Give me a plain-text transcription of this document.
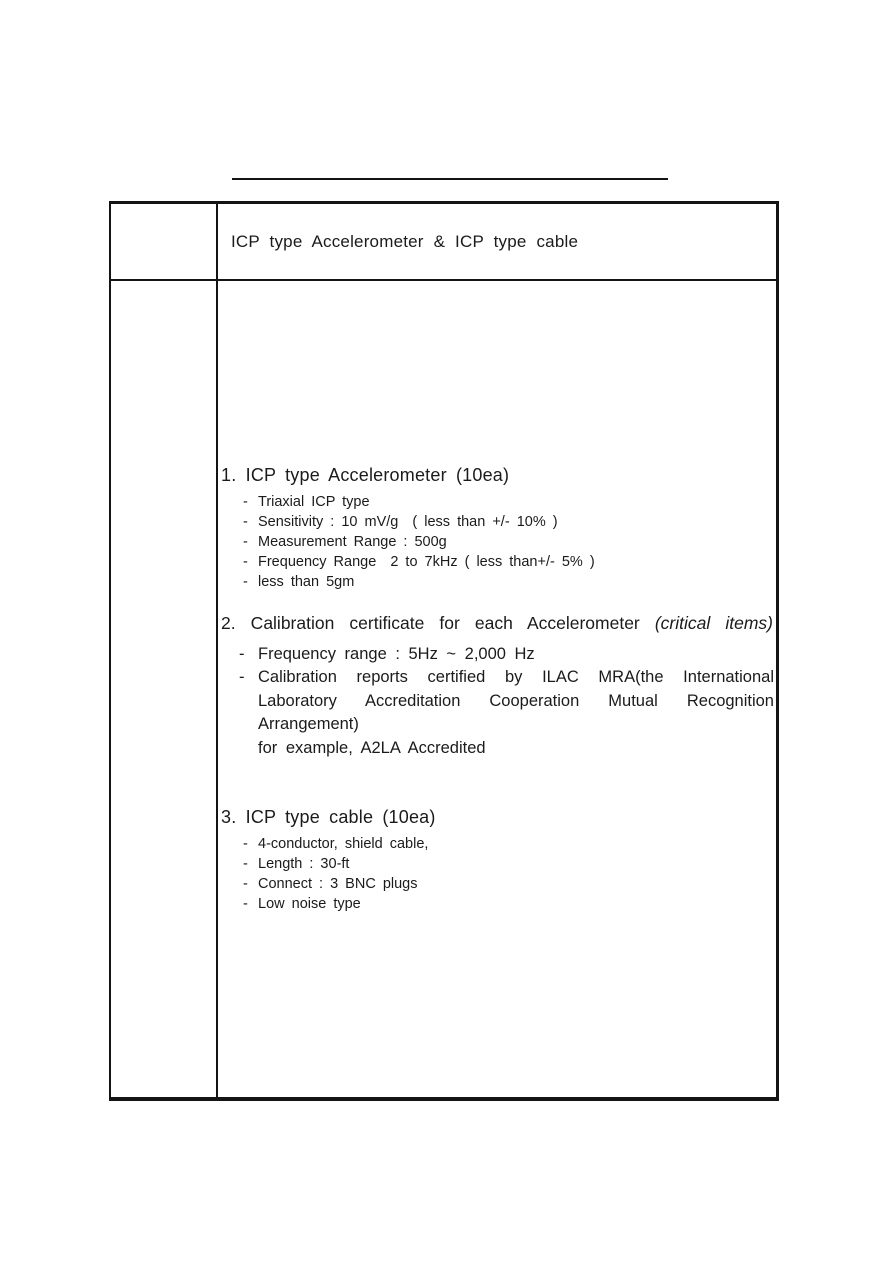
ICP type Accelerometer & ICP type cable
1. ICP type Accelerometer (10ea)
- Triaxial ICP type
- Sensitivity : 10 mV/g  ( less than +/- 10% )
- Measurement Range : 500g
- Frequency Range  2 to 7kHz ( less than+/- 5% )
- less than 5gm
2. Calibration certificate for each Accelerometer (critical items)
- Frequency range : 5Hz ~ 2,000 Hz
- Calibration reports certified by ILAC MRA(the International
Laboratory Accreditation Cooperation Mutual Recognition
Arrangement)
for example, A2LA Accredited
3. ICP type cable (10ea)
- 4-conductor, shield cable,
- Length : 30-ft
- Connect : 3 BNC plugs
- Low noise type
